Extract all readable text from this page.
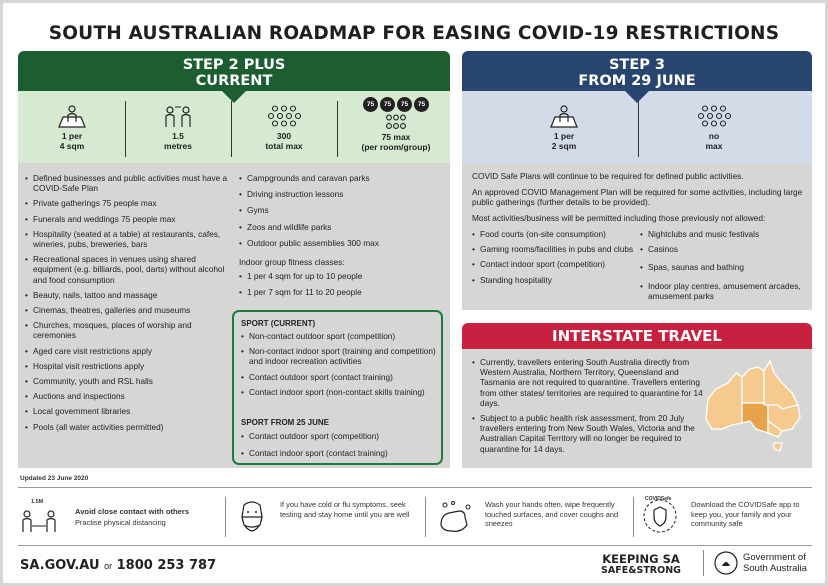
SOUTH AUSTRALIAN ROADMAP FOR EASING COVID-19 RESTRICTIONS
STEP 2 PLUS
CURRENT
STEP 3
FROM 29 JUNE
1 per
4 sqm
1.5
metres
300
total max
75	75	75	75
75 max
(per room/group)
1 per
2 sqm
no
max
• Defined businesses and public activities must have a COVID-Safe Plan
• Private gatherings 75 people max
• Funerals and weddings 75 people max
• Hospitality (seated at a table) at restaurants, cafes, wineries, pubs, breweries, bars
• Recreational spaces in venues using shared equipment (e.g. billiards, pool, darts) without alcohol and food consumption
• Beauty, nails, tattoo and massage
• Cinemas, theatres, galleries and museums
• Churches, mosques, places of worship and ceremonies
• Aged care visit restrictions apply
• Hospital visit restrictions apply
• Community, youth and RSL halls
• Auctions and inspections
• Local government libraries
• Pools (all water activities permitted)
• Campgrounds and caravan parks
• Driving instruction lessons
• Gyms
• Zoos and wildlife parks
• Outdoor public assemblies 300 max
Indoor group fitness classes:
• 1 per 4 sqm for up to 10 people
• 1 per 7 sqm for 11 to 20 people
SPORT (CURRENT)
• Non-contact outdoor sport (competition)
• Non-contact indoor sport (training and competition) and indoor recreation activities
• Contact outdoor sport (contact training)
• Contact indoor sport (non-contact skills training)
SPORT FROM 25 JUNE
• Contact outdoor sport (competition)
• Contact indoor sport (contact training)
COVID Safe Plans will continue to be required for defined public activities.
An approved COVID Management Plan will be required for some activities, including large public gatherings (further details to be provided).
Most activities/business will be permitted including those previously not allowed:
• Food courts (on-site consumption)
• Gaming rooms/facilities in pubs and clubs
• Contact indoor sport (competition)
• Standing hospitality
• Nightclubs and music festivals
• Casinos
• Spas, saunas and bathing
• Indoor play centres, amusement arcades, amusement parks
INTERSTATE TRAVEL
• Currently, travellers entering South Australia directly from Western Australia, Northern Territory, Queensland and Tasmania are not required to quarantine. Travellers entering from other states/ territories are required to quarantine for 14 days.
• Subject to a public health risk assessment, from 20 July travellers entering from New South Wales, Victoria and the Australian Capital Territory will no longer be required to quarantine for 14 days.
Updated 23 June 2020
1.5M
Avoid close contact with others
Practise physical distancing
If you have cold or flu symptoms, seek testing and stay home until you are well
Wash your hands often, wipe frequently touched surfaces, and cover coughs and sneezes
COVIDSafe
Download the COVIDSafe app to keep you, your family and your community safe
SA.GOV.AU or 1800 253 787	KEEPING SA
SAFE&STRONG
Government of
South Australia
